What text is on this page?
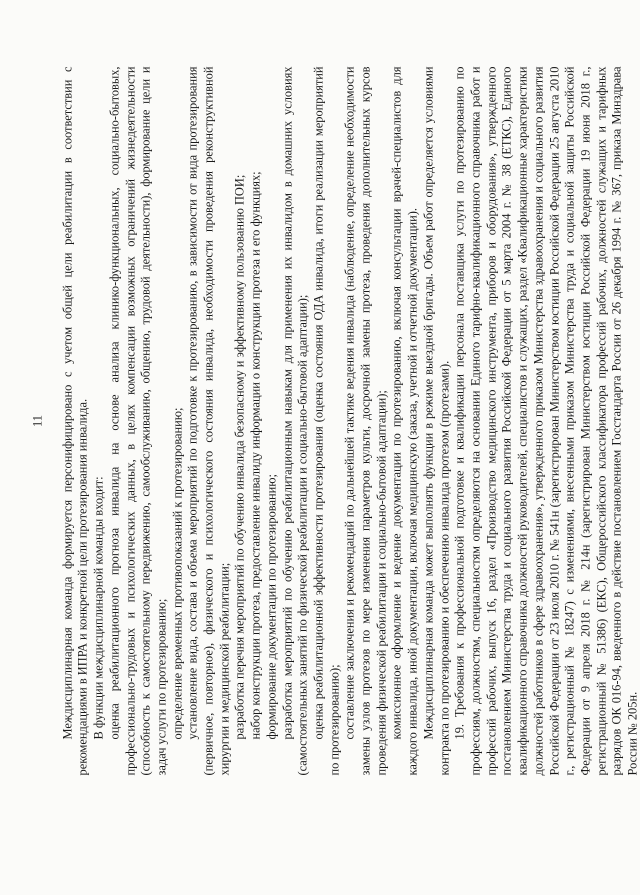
11 Междисциплинарная команда формируется персонифицировано с учетом общей цели реабилитации в соответствии с рекомендациями в ИПРА и конкретной цели протезирования инвалида. В функции междисциплинарной команды входит: оценка реабилитационного прогноза инвалида на основе анализа клинико-функциональных, социально-бытовых, профессионально-трудовых и психологических данных, в целях компенсации возможных ограничений жизнедеятельности (способность к самостоятельному передвижению, самообслуживанию, общению, трудовой деятельности), формирование цели и задач услуги по протезированию; определение временных противопоказаний к протезированию; установление вида, состава и объема мероприятий по подготовке к протезированию, в зависимости от вида протезирования (первичное, повторное), физического и психологического состояния инвалида, необходимости проведения реконструктивной хирургии и медицинской реабилитации; разработка перечня мероприятий по обучению инвалида безопасному и эффективному пользованию ПОИ; набор конструкции протеза, предоставление инвалиду информации о конструкции протеза и его функциях; формирование документации по протезированию; разработка мероприятий по обучению реабилитационным навыкам для применения их инвалидом в домашних условиях (самостоятельных занятий по физической реабилитации и социально-бытовой адаптации); оценка реабилитационной эффективности протезирования (оценка состояния ОДА инвалида, итоги реализации мероприятий по протезированию); составление заключения и рекомендаций по дальнейшей тактике ведения инвалида (наблюдение, определение необходимости замены узлов протезов по мере изменения параметров культи, досрочной замены протеза, проведения дополнительных курсов проведения физической реабилитации и социально-бытовой адаптации); комиссионное оформление и ведение документации по протезированию, включая консультации врачей-специалистов для каждого инвалида, иной документации, включая медицинскую (заказа, учетной и отчетной документации). Междисциплинарная команда может выполнять функции в режиме выездной бригады. Объем работ определяется условиями контракта по протезированию и обеспечению инвалида протезом (протезами). 19. Требования к профессиональной подготовке и квалификации персонала поставщика услуги по протезированию по профессиям, должностям, специальностям определяются на основании Единого тарифно-квалификационного справочника работ и профессий рабочих, выпуск 16, раздел «Производство медицинского инструмента, приборов и оборудования», утвержденного постановлением Министерства труда и социального развития Российской Федерации от 5 марта 2004 г. № 38 (ЕТКС), Единого квалификационного справочника должностей руководителей, специалистов и служащих, раздел «Квалификационные характеристики должностей работников в сфере здравоохранения», утвержденного приказом Министерства здравоохранения и социального развития Российской Федерации от 23 июля 2010 г. № 541н (зарегистрирован Министерством юстиции Российской Федерации 25 августа 2010 г., регистрационный № 18247) с изменениями, внесенными приказом Министерства труда и социальной защиты Российской Федерации от 9 апреля 2018 г. № 214н (зарегистрирован Министерством юстиции Российской Федерации 19 июня 2018 г., регистрационный № 51386) (ЕКС), Общероссийского классификатора профессий рабочих, должностей служащих и тарифных разрядов ОК 016-94, введенного в действие постановлением Госстандарта России от 26 декабря 1994 г. № 367, приказа Минздрава России № 205н.
